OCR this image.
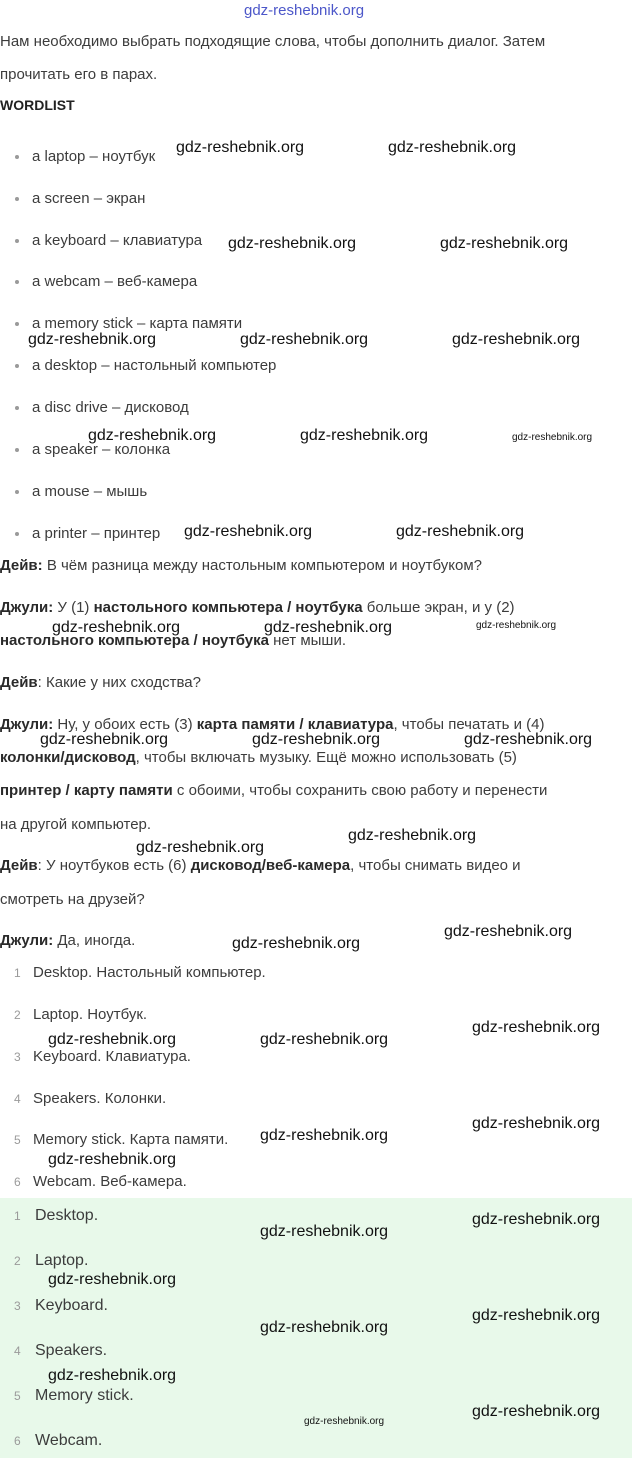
gdz-reshebnik.org
Нам необходимо выбрать подходящие слова, чтобы дополнить диалог. Затем
прочитать его в парах.
WORDLIST
a laptop – ноутбук
a screen – экран
a keyboard – клавиатура
a webcam – веб-камера
a memory stick – карта памяти
a desktop – настольный компьютер
a disc drive – дисковод
a speaker – колонка
a mouse – мышь
a printer – принтер
Дейв: В чём разница между настольным компьютером и ноутбуком?
Джули: У (1) настольного компьютера / ноутбука больше экран, и у (2)
настольного компьютера / ноутбука нет мыши.
Дейв: Какие у них сходства?
Джули: Ну, у обоих есть (3) карта памяти / клавиатура, чтобы печатать и (4)
колонки/дисковод, чтобы включать музыку. Ещё можно использовать (5)
принтер / карту памяти с обоими, чтобы сохранить свою работу и перенести
на другой компьютер.
Дейв: У ноутбуков есть (6) дисковод/веб-камера, чтобы снимать видео и
смотреть на друзей?
Джули: Да, иногда.
1 Desktop. Настольный компьютер.
2 Laptop. Ноутбук.
3 Keyboard. Клавиатура.
4 Speakers. Колонки.
5 Memory stick. Карта памяти.
6 Webcam. Веб-камера.
1 Desktop.
2 Laptop.
3 Keyboard.
4 Speakers.
5 Memory stick.
6 Webcam.
gdz-reshebnik.org	gdz-reshebnik.org
gdz-reshebnik.org	gdz-reshebnik.org
gdz-reshebnik.org	gdz-reshebnik.org	gdz-reshebnik.org
gdz-reshebnik.org	gdz-reshebnik.org	gdz-reshebnik.org
gdz-reshebnik.org	gdz-reshebnik.org
gdz-reshebnik.org	gdz-reshebnik.org	gdz-reshebnik.org
gdz-reshebnik.org	gdz-reshebnik.org	gdz-reshebnik.org
gdz-reshebnik.org
gdz-reshebnik.org
gdz-reshebnik.org
gdz-reshebnik.org
gdz-reshebnik.org	gdz-reshebnik.org
gdz-reshebnik.org
gdz-reshebnik.org
gdz-reshebnik.org
gdz-reshebnik.org
gdz-reshebnik.org
gdz-reshebnik.org
gdz-reshebnik.org
gdz-reshebnik.org
gdz-reshebnik.org
gdz-reshebnik.org
gdz-reshebnik.org
gdz-reshebnik.org
